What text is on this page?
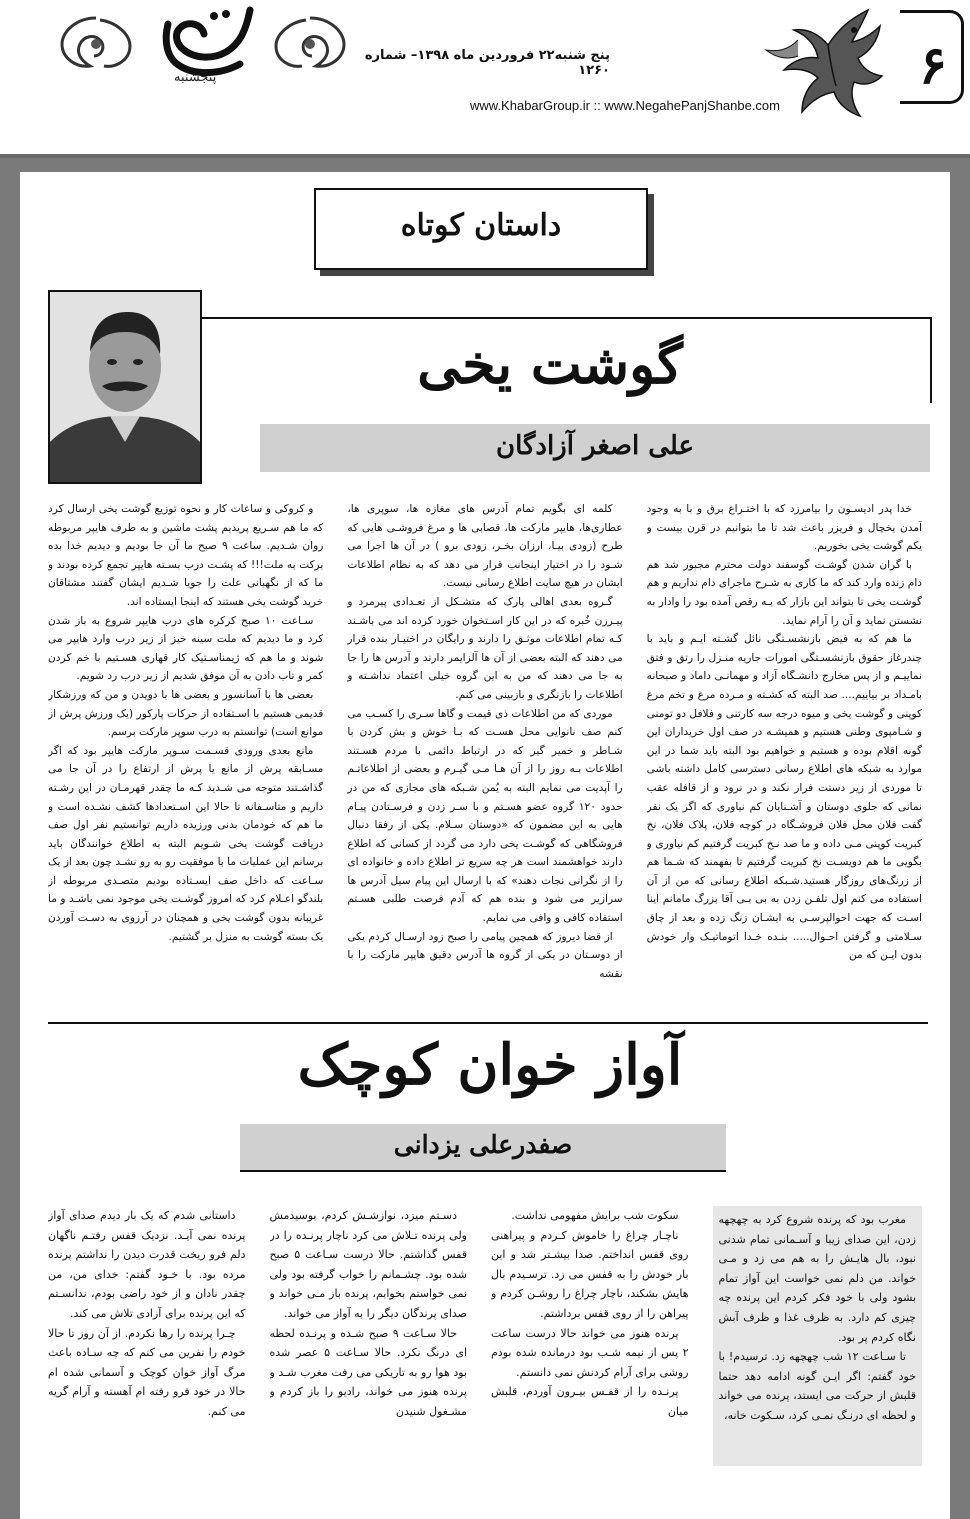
۶
پنجشنبه
پنج شنبه۲۲ فروردین ماه ۱۳۹۸– شماره ۱۲۶۰
www.KhabarGroup.ir :: www.NegahePanjShanbe.com
داستان کوتاه
گوشت یخی
علی اصغر آزادگان

خدا پدر ادیسـون را بیامرزد که با اختـراع برق و با به وجود آمدن یخچال و فریزر باعث شد تا ما بتوانیم در قرن بیست و یکم گوشت یخی بخوریم.

با گران شدن گوشـت گوسفند دولت محترم مجبور شد هم دام زنده وارد کند که ما کاری به شـرح ماجرای دام نداریم و هم گوشـت یخی تا بتواند این بازار که بـه رقص آمده بود را وادار به نشستن نماید و آن را آرام نماید.

ما هم که به فیض بازنشسـتگی نائل گشـته ایـم و باید با چندرغاز حقوق بازنشسـتگی امورات جاریه منـزل را رتق و فتق نماییـم و از پس مخارج دانشـگاه آزاد و مهمانـی داماد و صبحانه بامـداد بر بیاییم.... صد البته که کشـته و مـرده مرغ و تخم مرغ کوپنی و گوشت یخی و میوه درجه سه کارتنی و فلافل دو تومنی و شـامپوی وطنی هستیم و همیشـه در صف اول خریداران این گونه اقلام بوده و هستیم و خواهیم بود البته باید شما در این موارد به شبکه های اطلاع رسانی دسترسی کامل داشته باشی تا موردی از زیر دستت فرار نکند و در نرود و از قافله عقب نمانی که جلوی دوستان و آشـنایان کم نیاوری که اگر یک نفر گفت فلان محل فلان فروشـگاه در کوچه فلان، پلاک فلان، نخ کبریت کوپنی مـی داده و ما صد نـخ کبریت گرفتیم کم نیاوری و بگویی ما هم دویسـت نخ کبریت گرفتیم تا بفهمند که شـما هم از زرنگ‌های روزگار هستید.شـبکه اطلاع رسانی که من از آن استفاده می کنم اول تلفـن زدن به بی بـی آقا بزرگ مامانم اینا اسـت که جهت احوالپرسـی به ایشـان زنگ زده و بعد از چاق سـلامتی و گرفتن احـوال..... بنـده خـدا اتوماتیـک وار خودش بدون ایـن که من

کلمه ای بگویم تمام آدرس های مغازه ها، سوپری ها، عطاری‌ها، هایپر مارکت ها، قصابی ها و مرغ فروشـی هایی که طرح (زودی بیـا، ارزان بخـر، زودی برو ) در آن ها اجرا می شـود را در اختیار اینجانب قرار می دهد که به نظام اطلاعات ایشان در هیچ سایت اطلاع رسانی نیست.

گـروه بعدی اهالی پارک که متشـکل از تعـدادی پیرمرد و پیـرزن خُبره که در این کار اسـتخوان خورد کرده اند می باشـند کـه تمام اطلاعات موثـق را دارند و رایگان در اختیـار بنده قرار می دهند که البته بعضی از آن ها آلزایمر دارند و آدرس ها را جا به جا می دهند که من به این گروه خیلی اعتماد نداشـته و اطلاعات را بازنگری و بازبینی می کنم.

موردی که من اطلاعات ذی قیمت و گاها سـری را کسـب می کنم صف نانوایی محل هسـت که بـا خوش و بش کردن با شـاطر و خمیر گیر که در ارتباط دائمی با مردم هسـتند اطلاعات بـه روز را از آن هـا مـی گیـرم و بعضی از اطلاعاتـم را آپدیت می نمایم البته به یُمن شـبکه های مجازی که من در حدود ۱۲۰ گروه عضو هسـتم و با سـر زدن و فرسـتادن پیـام هایی به این مضمون که «دوستان سـلام. یکی از رفقا دنبال فروشگاهی که گوشـت یخی دارد می گردد از کسانی که اطلاع دارند خواهشمند است هر چه سریع تر اطلاع داده و خانواده ای را از نگرانی نجات دهند» که با ارسال این پیام سیل آدرس ها سرازیر می شود و بنده هم که آدم فرصت طلبی هسـتم استفاده کافی و وافی می نمایم.

از قضا دیروز که همچین پیامی را صبح زود ارسـال کردم یکی از دوسـتان در یکی از گروه ها آدرس دقیق هایپر مارکت را با نقشه

و کروکی و ساعات کار و نحوه توزیع گوشت یخی ارسال کرد که ما هم سـریع پریدیم پشت ماشین و به طرف هایپر مربوطه روان شـدیم. ساعت ۹ صبح ما آن جا بودیم و دیدیم خدا بده برکت به ملت!!! که پشـت درب بسـته هایپر تجمع کرده بودند و ما که از نگهبانی علت را جویا شـدیم ایشان گفتند مشتاقان خرید گوشت یخی هستند که اینجا ایستاده اند.

سـاعت ۱۰ صبح کرکره های درب هایپر شروع به باز شدن کرد و ما دیدیم که ملت سینه خیز از زیر درب وارد هایپر می شوند و ما هم که ژیمناسـتیک کار قهاری هسـتیم با خم کردن کمر و تاب دادن به آن موفق شدیم از زیر درب رد شویم.

بعضی ها با آسانسور و بعضی ها با دویدن و من که ورزشکار قدیمی هستیم با اسـتفاده از حرکات پارکور (یک ورزش پرش از موانع است) توانستم به درب سوپر مارکت برسم.

مانع بعدی ورودی قسـمت سـوپر مارکت هایپر بود که اگر مسـابقه پرش از مانع یا پرش از ارتفاع را در آن جا می گذاشـتند متوجه می شـدید کـه ما چقدر قهرمـان در این رشـته داریم و متاسـفانه تا حالا این اسـتعدادها کشف نشـده است و ما هم که خودمان بدنی ورزیده داریم توانستیم نفر اول صف دریافت گوشت یخی شـویم البته به اطلاع خوانندگان باید برسانم این عملیات ما با موفقیت رو به رو نشـد چون بعد از یک سـاعت که داخل صف ایسـتاده بودیم متصـدی مربوطه از بلندگو اعـلام کرد که امروز گوشـت یخی موجود نمی باشـد و ما غریبانه بدون گوشت یخی و همچنان در آرزوی به دسـت آوردن یک بسته گوشت به منزل بر گشتیم.

آواز خوان کوچک
صفدرعلی یزدانی

مغرب بود که پرنده شروع کرد به چهچهه زدن، این صدای زیبا و آسـمانی تمام شدنی نبود، بال هایـش را به هم می زد و مـی خواند. من دلم نمی خواست این آواز تمام بشود ولی با خود فکر کردم این پرنده چه چیزی کم دارد. به ظرف غذا و ظرف آبش نگاه کردم پر بود.

تا سـاعت ۱۲ شب چهچهه زد. ترسیدم! با خود گفتم: اگر ایـن گونه ادامه دهد حتما قلبش از حرکت می ایستد، پرنده می خواند و لحظه ای درنـگ نمـی کرد، سـکوت خانه،

سکوت شب برایش مفهومی نداشت.

ناچـار چراغ را خاموش کـردم و پیراهنی روی قفس انداختم. صدا بیشـتر شد و این بار خودش را به قفس می زد. ترسـیدم بال هایش بشکند، ناچار چراغ را روشـن کردم و پیراهن را از روی قفس برداشتم.

پرنده هنوز می خواند حالا درست ساعت ۲ پس از نیمه شـب بود درمانده شده بودم روشی برای آرام کردنش نمی دانستم.

پرنـده را از قفـس بیـرون آوردم، قلبش میان

دسـتم میزد، نوازشـش کردم، بوسیدمش ولی پرنده تـلاش می کرد ناچار پرنـده را در قفس گذاشتم. حالا درست سـاعت ۵ صبح شده بود. چشـمانم را خواب گرفته بود ولی نمی خواستم بخوابم، پرنده باز مـی خواند و صدای پرندگان دیگر را به آواز می خواند.

حالا سـاعت ۹ صبح شـده و پرنـده لحظه ای درنگ نکرد. حالا سـاعت ۵ عصر شده بود هوا رو به تاریکی می رفت مغرب شـد و پرنده هنوز می خواند، رادیو را باز کردم و مشـغول شنیدن

داستانی شدم که یک بار دیدم صدای آواز پرنده نمی آیـد. نزدیک قفس رفتـم ناگهان دلم فرو ریخت قدرت دیدن را نداشتم پرنده مرده بود. با خـود گفتم: خدای من، من چقدر نادان و از خود راضی بودم، ندانسـتم که این پرنده برای آزادی تلاش می کند.

چـرا پرنده را رها نکردم. از آن روز تا حالا خودم را نفرین می کنم که چه سـاده باعث مرگ آواز خوان کوچک و آسمانی شده ام حالا در خود فرو رفته ام آهسته و آرام گریه می کنم.
